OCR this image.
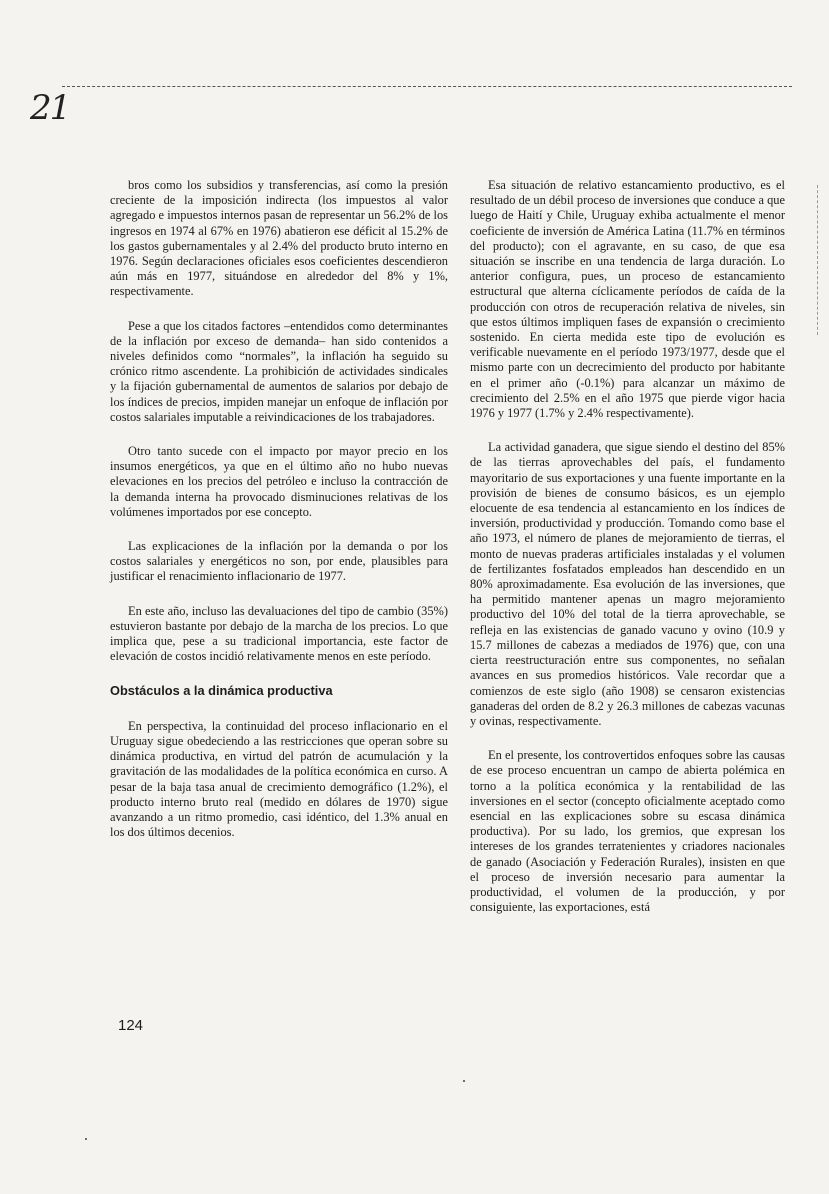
21

bros como los subsidios y transferencias, así como la presión creciente de la imposición indirecta (los impuestos al valor agregado e impuestos internos pasan de representar un 56.2% de los ingresos en 1974 al 67% en 1976) abatieron ese déficit al 15.2% de los gastos gubernamentales y al 2.4% del producto bruto interno en 1976. Según declaraciones oficiales esos coeficientes descendieron aún más en 1977, situándose en alrededor del 8% y 1%, respectivamente.

Pese a que los citados factores –entendidos como determinantes de la inflación por exceso de demanda– han sido contenidos a niveles definidos como “normales”, la inflación ha seguido su crónico ritmo ascendente. La prohibición de actividades sindicales y la fijación gubernamental de aumentos de salarios por debajo de los índices de precios, impiden manejar un enfoque de inflación por costos salariales imputable a reivindicaciones de los trabajadores.

Otro tanto sucede con el impacto por mayor precio en los insumos energéticos, ya que en el último año no hubo nuevas elevaciones en los precios del petróleo e incluso la contracción de la demanda interna ha provocado disminuciones relativas de los volúmenes importados por ese concepto.

Las explicaciones de la inflación por la demanda o por los costos salariales y energéticos no son, por ende, plausibles para justificar el renacimiento inflacionario de 1977.

En este año, incluso las devaluaciones del tipo de cambio (35%) estuvieron bastante por debajo de la marcha de los precios. Lo que implica que, pese a su tradicional importancia, este factor de elevación de costos incidió relativamente menos en este período.

Obstáculos a la dinámica productiva

En perspectiva, la continuidad del proceso inflacionario en el Uruguay sigue obedeciendo a las restricciones que operan sobre su dinámica productiva, en virtud del patrón de acumulación y la gravitación de las modalidades de la política económica en curso. A pesar de la baja tasa anual de crecimiento demográfico (1.2%), el producto interno bruto real (medido en dólares de 1970) sigue avanzando a un ritmo promedio, casi idéntico, del 1.3% anual en los dos últimos decenios.

Esa situación de relativo estancamiento productivo, es el resultado de un débil proceso de inversiones que conduce a que luego de Haití y Chile, Uruguay exhiba actualmente el menor coeficiente de inversión de América Latina (11.7% en términos del producto); con el agravante, en su caso, de que esa situación se inscribe en una tendencia de larga duración. Lo anterior configura, pues, un proceso de estancamiento estructural que alterna cíclicamente períodos de caída de la producción con otros de recuperación relativa de niveles, sin que estos últimos impliquen fases de expansión o crecimiento sostenido. En cierta medida este tipo de evolución es verificable nuevamente en el período 1973/1977, desde que el mismo parte con un decrecimiento del producto por habitante en el primer año (-0.1%) para alcanzar un máximo de crecimiento del 2.5% en el año 1975 que pierde vigor hacia 1976 y 1977 (1.7% y 2.4% respectivamente).

La actividad ganadera, que sigue siendo el destino del 85% de las tierras aprovechables del país, el fundamento mayoritario de sus exportaciones y una fuente importante en la provisión de bienes de consumo básicos, es un ejemplo elocuente de esa tendencia al estancamiento en los índices de inversión, productividad y producción. Tomando como base el año 1973, el número de planes de mejoramiento de tierras, el monto de nuevas praderas artificiales instaladas y el volumen de fertilizantes fosfatados empleados han descendido en un 80% aproximadamente. Esa evolución de las inversiones, que ha permitido mantener apenas un magro mejoramiento productivo del 10% del total de la tierra aprovechable, se refleja en las existencias de ganado vacuno y ovino (10.9 y 15.7 millones de cabezas a mediados de 1976) que, con una cierta reestructuración entre sus componentes, no señalan avances en sus promedios históricos. Vale recordar que a comienzos de este siglo (año 1908) se censaron existencias ganaderas del orden de 8.2 y 26.3 millones de cabezas vacunas y ovinas, respectivamente.

En el presente, los controvertidos enfoques sobre las causas de ese proceso encuentran un campo de abierta polémica en torno a la política económica y la rentabilidad de las inversiones en el sector (concepto oficialmente aceptado como esencial en las explicaciones sobre su escasa dinámica productiva). Por su lado, los gremios, que expresan los intereses de los grandes terratenientes y criadores nacionales de ganado (Asociación y Federación Rurales), insisten en que el proceso de inversión necesario para aumentar la productividad, el volumen de la producción, y por consiguiente, las exportaciones, está

124
